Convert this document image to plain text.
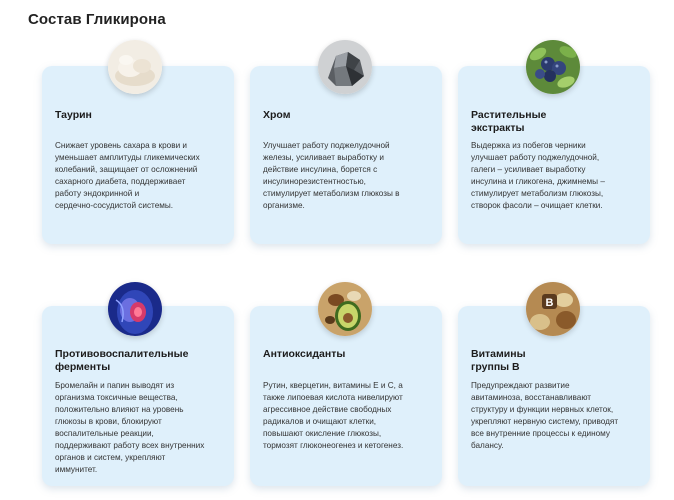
Состав Гликирона
Таурин
Снижает уровень сахара в крови и
уменьшает амплитуды гликемических
колебаний, защищает от осложнений
сахарного диабета, поддерживает
работу эндокринной и
сердечно-сосудистой системы.
Хром
Улучшает работу поджелудочной
железы, усиливает выработку и
действие инсулина, борется с
инсулинорезистентностью,
стимулирует метаболизм глюкозы в
организме.
Растительные
экстракты
Выдержка из побегов черники
улучшает работу поджелудочной,
галеги – усиливает выработку
инсулина и гликогена, джимнемы –
стимулирует метаболизм глюкозы,
створок фасоли – очищает клетки.
Противовоспалительные
ферменты
Бромелайн и папин выводят из
организма токсичные вещества,
положительно влияют на уровень
глюкозы в крови, блокируют
воспалительные реакции,
поддерживают работу всех внутренних
органов и систем, укрепляют
иммунитет.
Антиоксиданты
Рутин, кверцетин, витамины Е и С, а
также липоевая кислота нивелируют
агрессивное действие свободных
радикалов и очищают клетки,
повышают окисление глюкозы,
тормозят глюконеогенез и кетогенез.
Витамины
группы В
Предупреждают развитие
авитаминоза, восстанавливают
структуру и функции нервных клеток,
укрепляют нервную систему, приводят
все внутренние процессы к единому
балансу.
B
